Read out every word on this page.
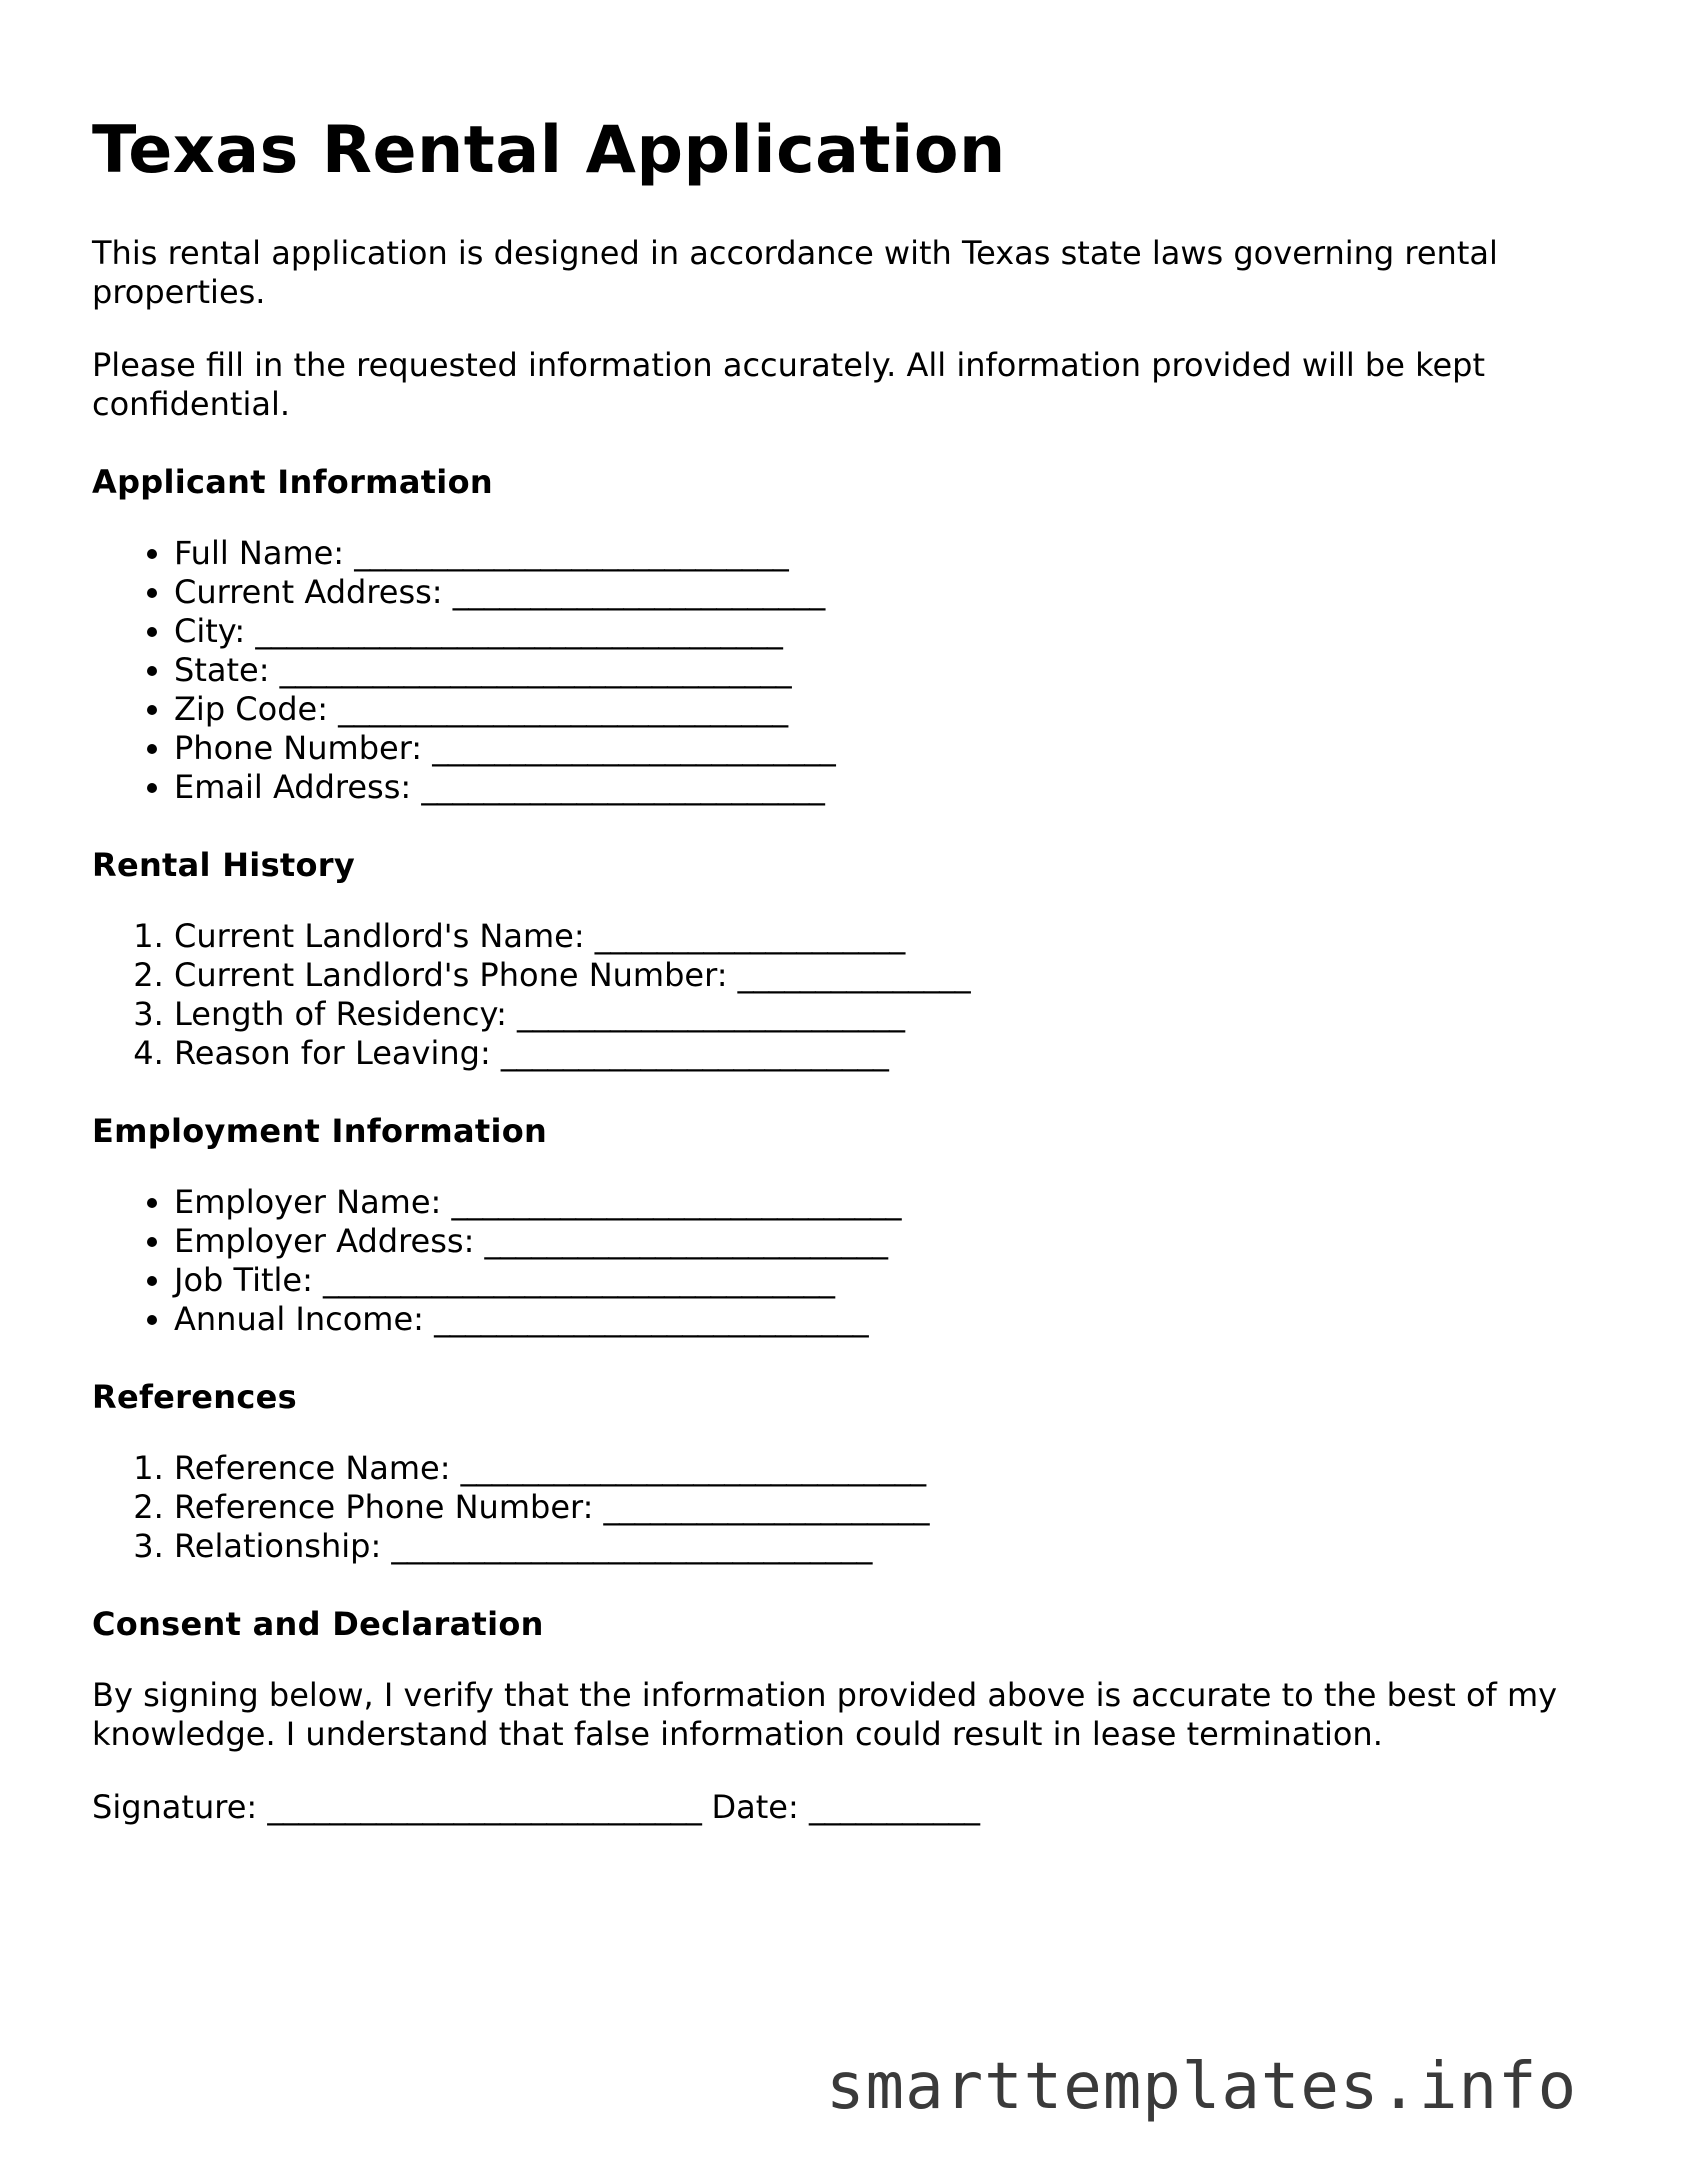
Texas Rental Application

This rental application is designed in accordance with Texas state laws governing rental properties.

Please fill in the requested information accurately. All information provided will be kept confidential.

Applicant Information
• Full Name: ____________________________
• Current Address: ________________________
• City: __________________________________
• State: _________________________________
• Zip Code: _____________________________
• Phone Number: __________________________
• Email Address: __________________________
Rental History
1. Current Landlord's Name: ____________________
2. Current Landlord's Phone Number: _______________
3. Length of Residency: _________________________
4. Reason for Leaving: _________________________
Employment Information
• Employer Name: _____________________________
• Employer Address: __________________________
• Job Title: _________________________________
• Annual Income: ____________________________
References
1. Reference Name: ______________________________
2. Reference Phone Number: _____________________
3. Relationship: _______________________________
Consent and Declaration

By signing below, I verify that the information provided above is accurate to the best of my knowledge. I understand that false information could result in lease termination.

Signature: ____________________________ Date: ___________
smarttemplates.info
